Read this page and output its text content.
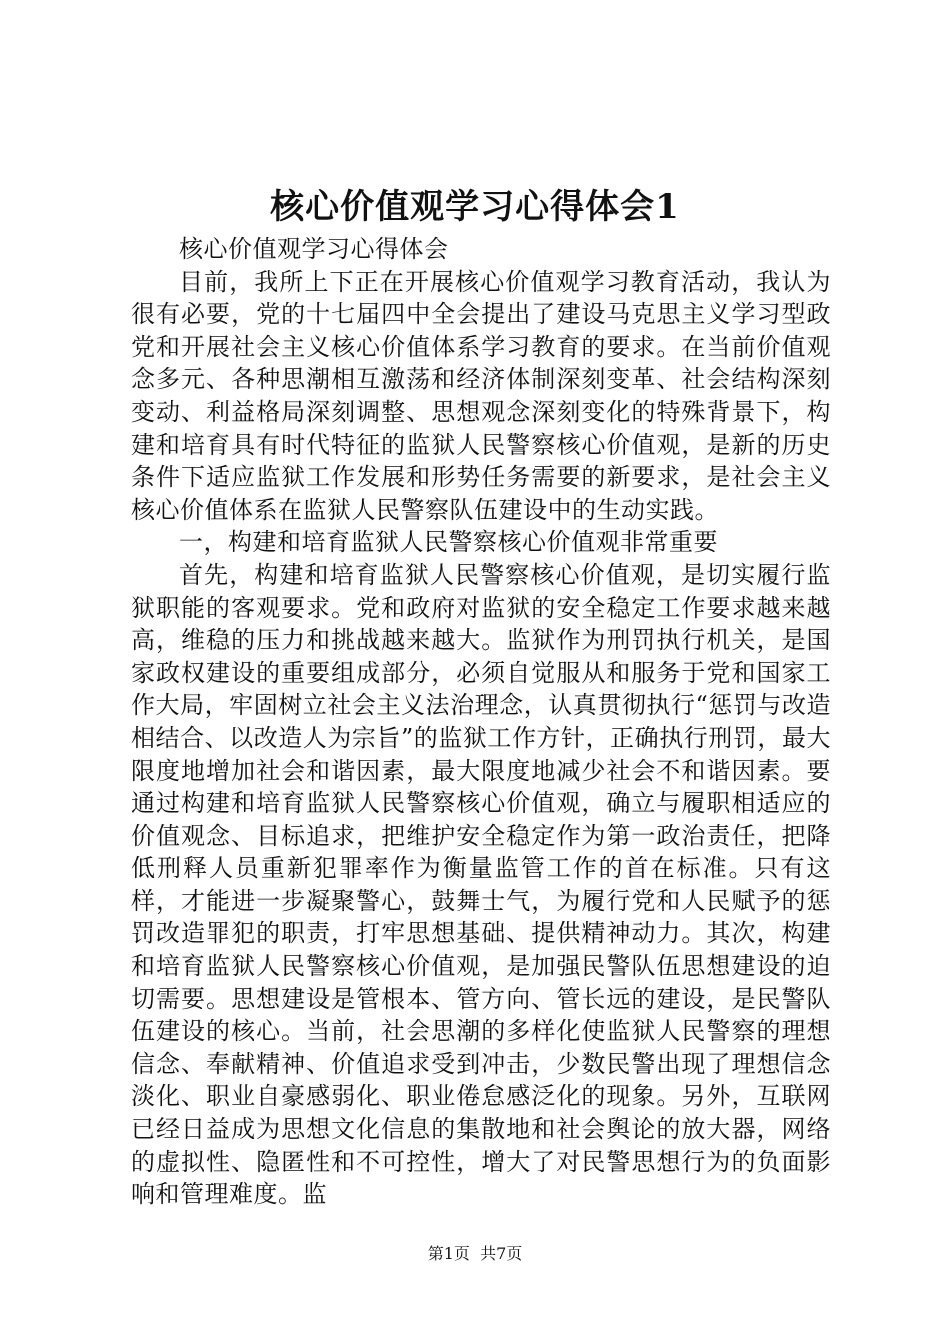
核心价值观学习心得体会1

核心价值观学习心得体会

目前，我所上下正在开展核心价值观学习教育活动，我认为很有必要，党的十七届四中全会提出了建设马克思主义学习型政党和开展社会主义核心价值体系学习教育的要求。在当前价值观念多元、各种思潮相互激荡和经济体制深刻变革、社会结构深刻变动、利益格局深刻调整、思想观念深刻变化的特殊背景下，构建和培育具有时代特征的监狱人民警察核心价值观，是新的历史条件下适应监狱工作发展和形势任务需要的新要求，是社会主义核心价值体系在监狱人民警察队伍建设中的生动实践。

一，构建和培育监狱人民警察核心价值观非常重要

首先，构建和培育监狱人民警察核心价值观，是切实履行监狱职能的客观要求。党和政府对监狱的安全稳定工作要求越来越高，维稳的压力和挑战越来越大。监狱作为刑罚执行机关，是国家政权建设的重要组成部分，必须自觉服从和服务于党和国家工作大局，牢固树立社会主义法治理念，认真贯彻执行“惩罚与改造相结合、以改造人为宗旨”的监狱工作方针，正确执行刑罚，最大限度地增加社会和谐因素，最大限度地减少社会不和谐因素。要通过构建和培育监狱人民警察核心价值观，确立与履职相适应的价值观念、目标追求，把维护安全稳定作为第一政治责任，把降低刑释人员重新犯罪率作为衡量监管工作的首在标准。只有这样，才能进一步凝聚警心，鼓舞士气，为履行党和人民赋予的惩罚改造罪犯的职责，打牢思想基础、提供精神动力。其次，构建和培育监狱人民警察核心价值观，是加强民警队伍思想建设的迫切需要。思想建设是管根本、管方向、管长远的建设，是民警队伍建设的核心。当前，社会思潮的多样化使监狱人民警察的理想信念、奉献精神、价值追求受到冲击，少数民警出现了理想信念淡化、职业自豪感弱化、职业倦怠感泛化的现象。另外，互联网已经日益成为思想文化信息的集散地和社会舆论的放大器，网络的虚拟性、隐匿性和不可控性，增大了对民警思想行为的负面影响和管理难度。监

第1页 共7页
